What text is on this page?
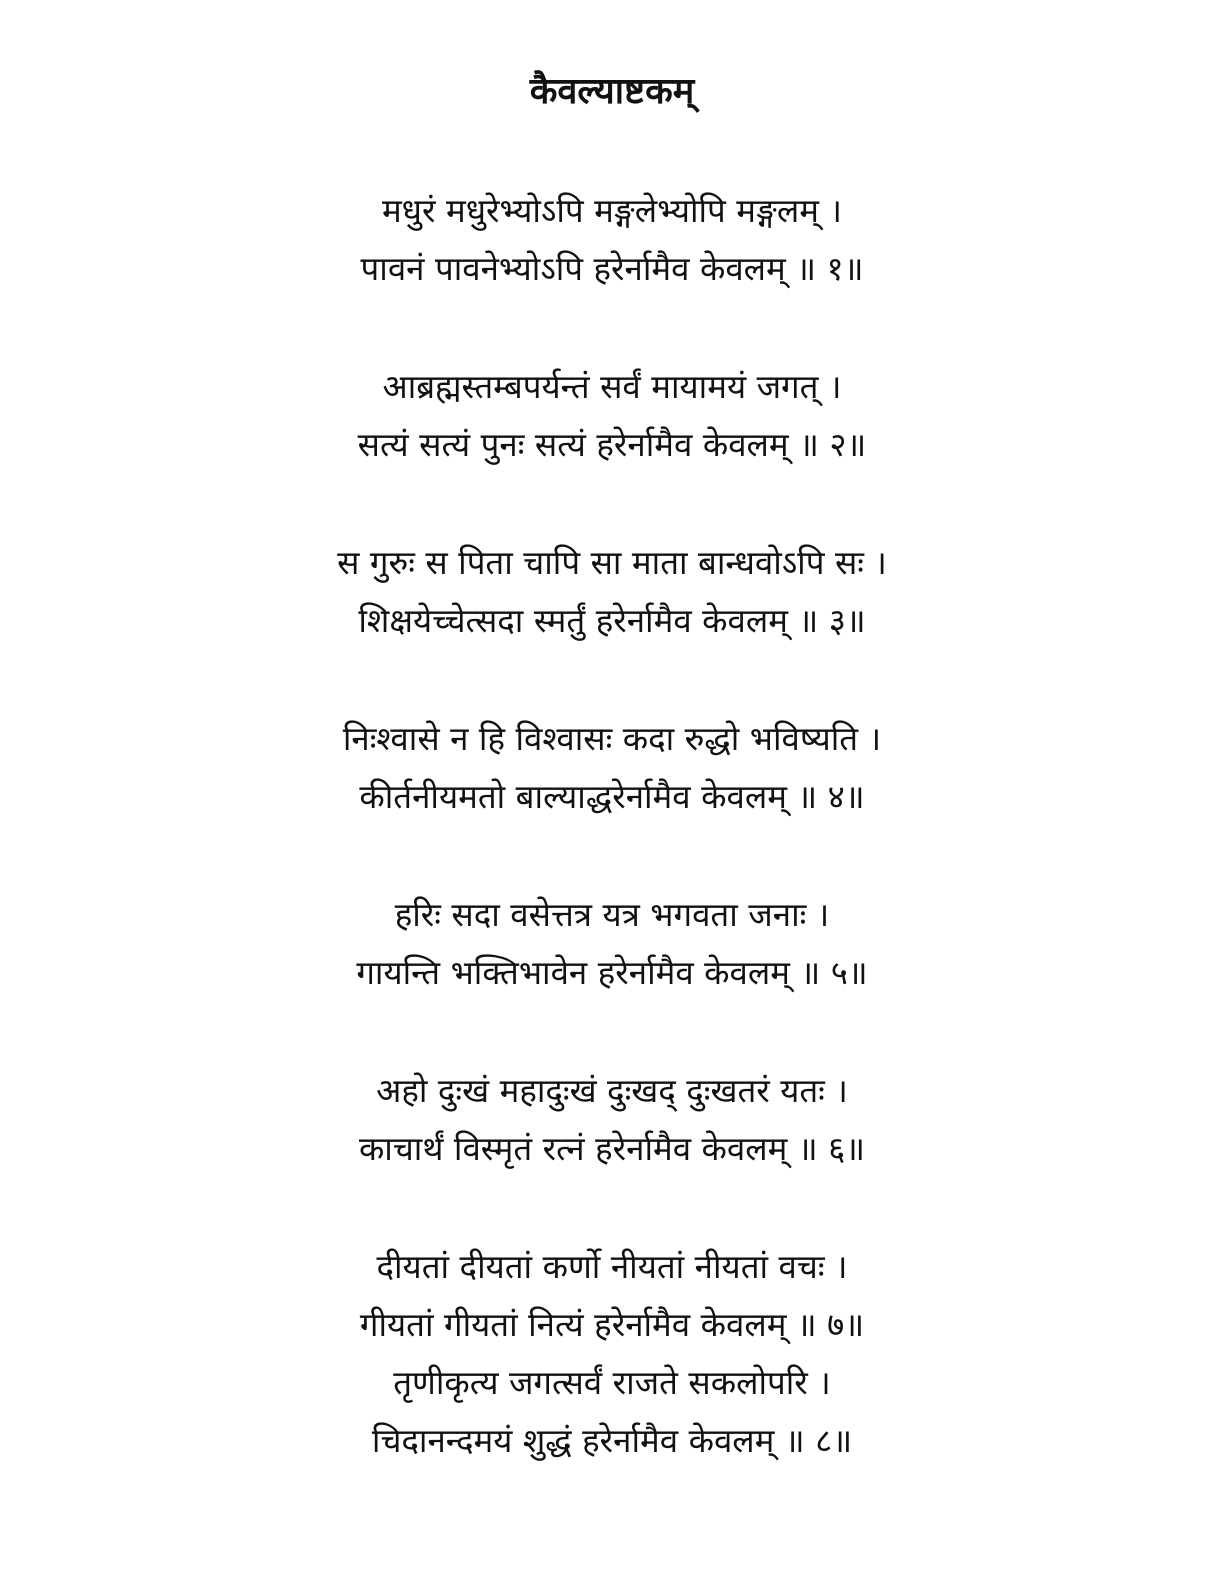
कैवल्याष्टकम्
मधुरं मधुरेभ्योऽपि मङ्गलेभ्योपि मङ्गलम् ।
पावनं पावनेभ्योऽपि हरेर्नामैव केवलम् ॥ १॥
आब्रह्मस्तम्बपर्यन्तं सर्वं मायामयं जगत् ।
सत्यं सत्यं पुनः सत्यं हरेर्नामैव केवलम् ॥ २॥
स गुरुः स पिता चापि सा माता बान्धवोऽपि सः ।
शिक्षयेच्चेत्सदा स्मर्तुं हरेर्नामैव केवलम् ॥ ३॥
निःश्वासे न हि विश्वासः कदा रुद्धो भविष्यति ।
कीर्तनीयमतो बाल्याद्धरेर्नामैव केवलम् ॥ ४॥
हरिः सदा वसेत्तत्र यत्र भगवता जनाः ।
गायन्ति भक्तिभावेन हरेर्नामैव केवलम् ॥ ५॥
अहो दुःखं महादुःखं दुःखद् दुःखतरं यतः ।
काचार्थं विस्मृतं रत्नं हरेर्नामैव केवलम् ॥ ६॥
दीयतां दीयतां कर्णो नीयतां नीयतां वचः ।
गीयतां गीयतां नित्यं हरेर्नामैव केवलम् ॥ ७॥
तृणीकृत्य जगत्सर्वं राजते सकलोपरि ।
चिदानन्दमयं शुद्धं हरेर्नामैव केवलम् ॥ ८॥
